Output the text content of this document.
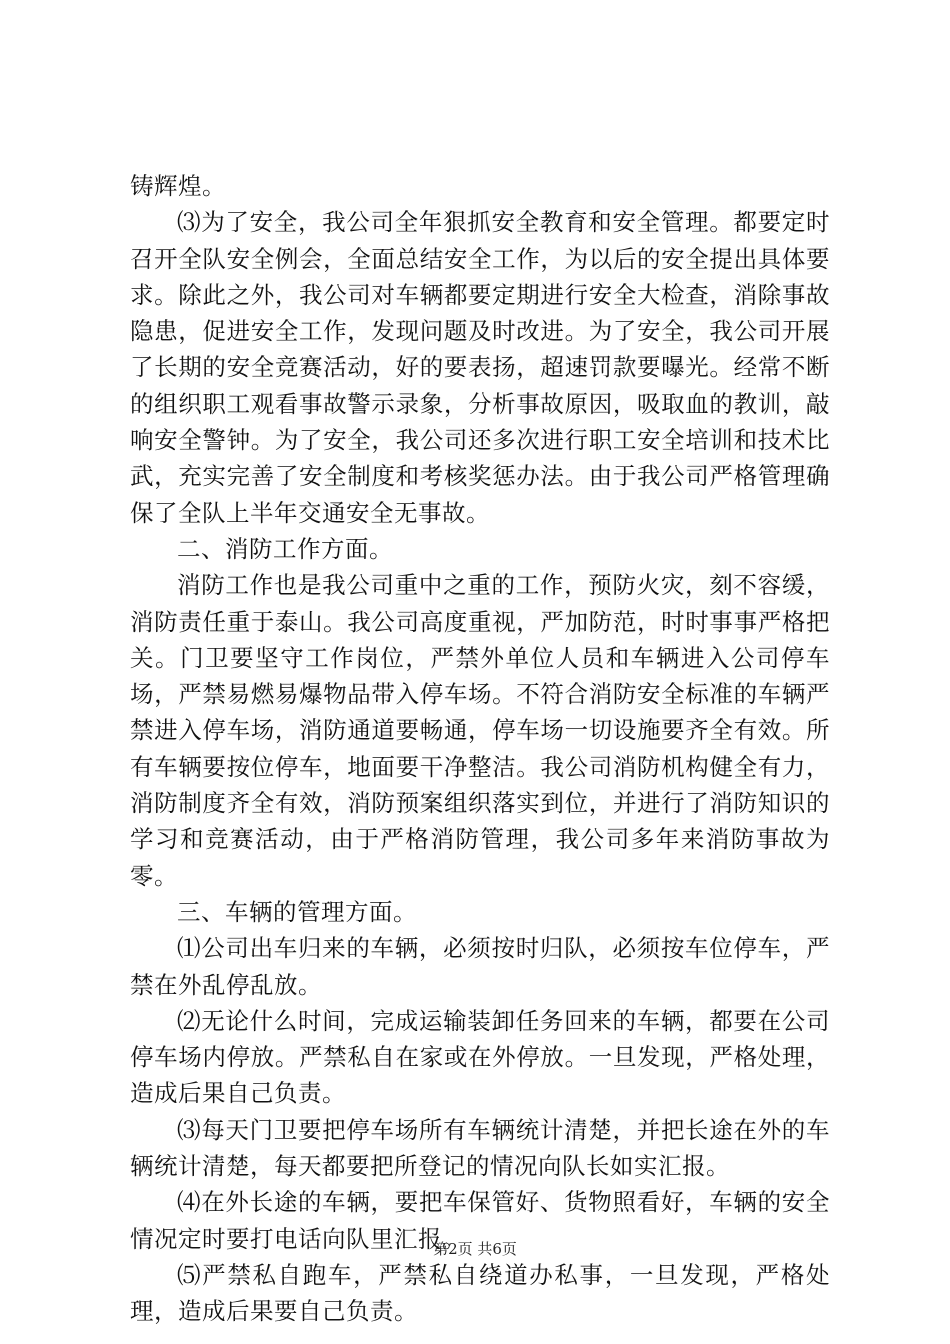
铸辉煌。

⑶为了安全，我公司全年狠抓安全教育和安全管理。都要定时召开全队安全例会，全面总结安全工作，为以后的安全提出具体要求。除此之外，我公司对车辆都要定期进行安全大检查，消除事故隐患，促进安全工作，发现问题及时改进。为了安全，我公司开展了长期的安全竞赛活动，好的要表扬，超速罚款要曝光。经常不断的组织职工观看事故警示录象，分析事故原因，吸取血的教训，敲响安全警钟。为了安全，我公司还多次进行职工安全培训和技术比武，充实完善了安全制度和考核奖惩办法。由于我公司严格管理确保了全队上半年交通安全无事故。

二、消防工作方面。

消防工作也是我公司重中之重的工作，预防火灾，刻不容缓，消防责任重于泰山。我公司高度重视，严加防范，时时事事严格把关。门卫要坚守工作岗位，严禁外单位人员和车辆进入公司停车场，严禁易燃易爆物品带入停车场。不符合消防安全标准的车辆严禁进入停车场，消防通道要畅通，停车场一切设施要齐全有效。所有车辆要按位停车，地面要干净整洁。我公司消防机构健全有力，消防制度齐全有效，消防预案组织落实到位，并进行了消防知识的学习和竞赛活动，由于严格消防管理，我公司多年来消防事故为零。

三、车辆的管理方面。

⑴公司出车归来的车辆，必须按时归队，必须按车位停车，严禁在外乱停乱放。

⑵无论什么时间，完成运输装卸任务回来的车辆，都要在公司停车场内停放。严禁私自在家或在外停放。一旦发现，严格处理，造成后果自己负责。

⑶每天门卫要把停车场所有车辆统计清楚，并把长途在外的车辆统计清楚，每天都要把所登记的情况向队长如实汇报。

⑷在外长途的车辆，要把车保管好、货物照看好，车辆的安全情况定时要打电话向队里汇报。

⑸严禁私自跑车，严禁私自绕道办私事，一旦发现，严格处理，造成后果要自己负责。

第2页 共6页
